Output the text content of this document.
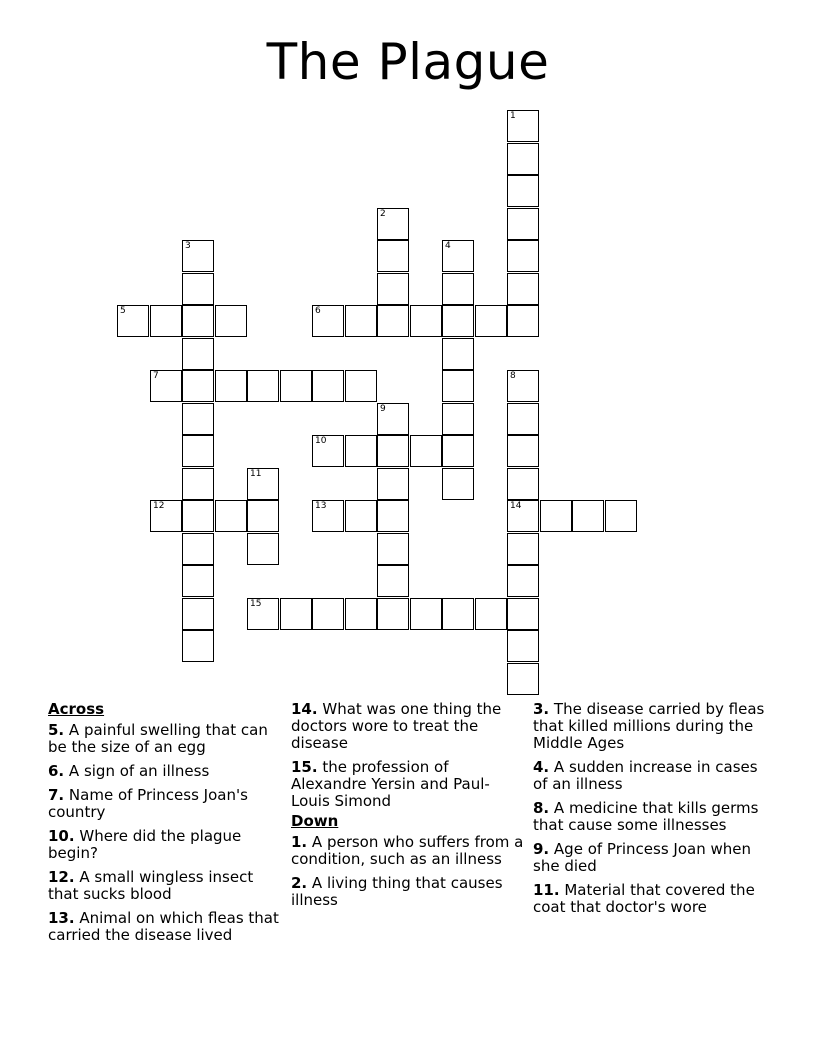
The Plague
1
2
3	4
5	6
7	8
14
9
10
11
12	13
15
Across
5. A painful swelling that can be the size of an egg
6. A sign of an illness
7. Name of Princess Joan's country
10. Where did the plague begin?
12. A small wingless insect that sucks blood
13. Animal on which fleas that carried the disease lived
14. What was one thing the doctors wore to treat the disease
15. the profession of Alexandre Yersin and Paul-Louis Simond
Down
1. A person who suffers from a condition, such as an illness
2. A living thing that causes illness
3. The disease carried by fleas that killed millions during the Middle Ages
4. A sudden increase in cases of an illness
8. A medicine that kills germs that cause some illnesses
9. Age of Princess Joan when she died
11. Material that covered the coat that doctor's wore
